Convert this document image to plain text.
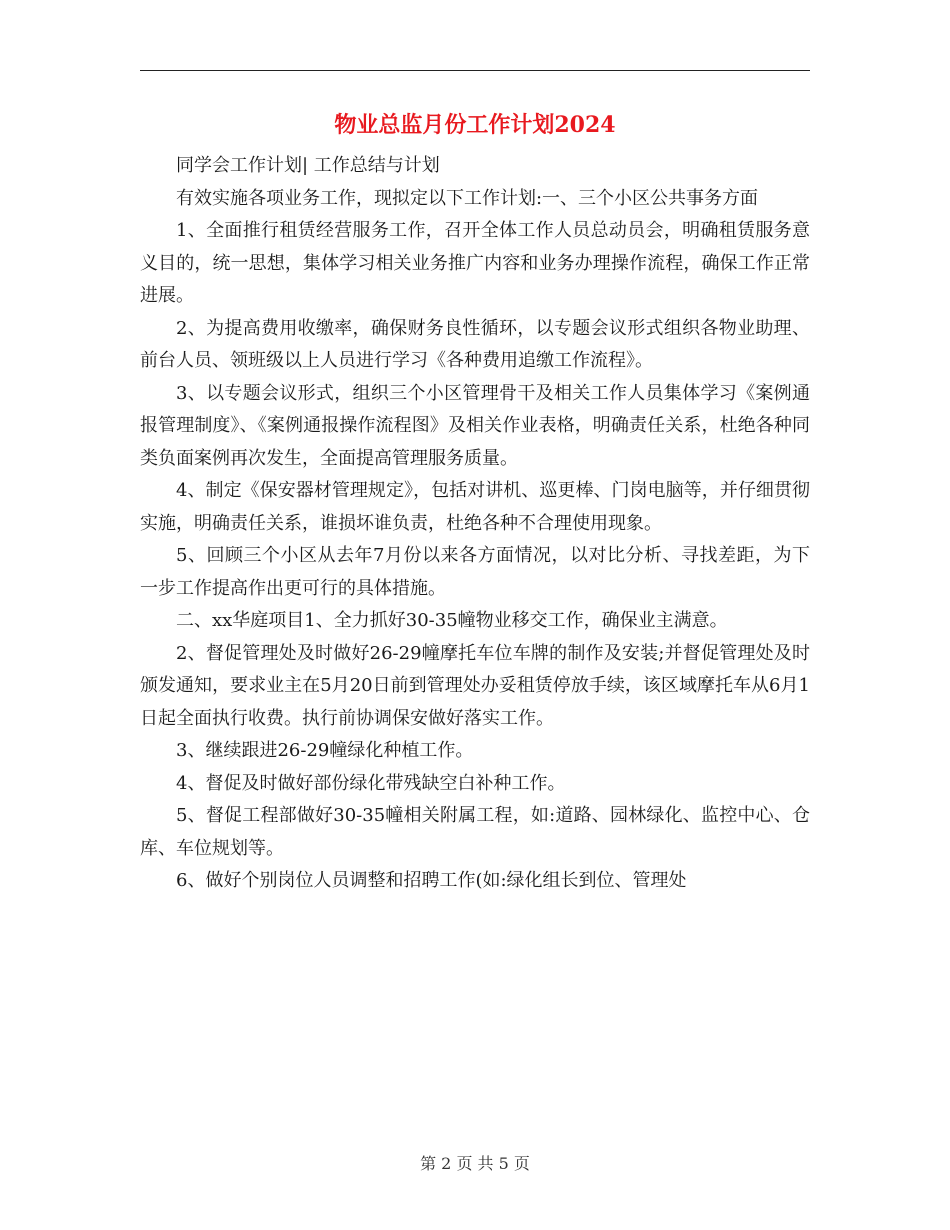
物业总监月份工作计划2024

同学会工作计划| 工作总结与计划

有效实施各项业务工作，现拟定以下工作计划:一、三个小区公共事务方面

1、全面推行租赁经营服务工作，召开全体工作人员总动员会，明确租赁服务意义目的，统一思想，集体学习相关业务推广内容和业务办理操作流程，确保工作正常进展。

2、为提高费用收缴率，确保财务良性循环，以专题会议形式组织各物业助理、前台人员、领班级以上人员进行学习《各种费用追缴工作流程》。

3、以专题会议形式，组织三个小区管理骨干及相关工作人员集体学习《案例通报管理制度》、《案例通报操作流程图》及相关作业表格，明确责任关系，杜绝各种同类负面案例再次发生，全面提高管理服务质量。

4、制定《保安器材管理规定》，包括对讲机、巡更棒、门岗电脑等，并仔细贯彻实施，明确责任关系，谁损坏谁负责，杜绝各种不合理使用现象。

5、回顾三个小区从去年7月份以来各方面情况，以对比分析、寻找差距，为下一步工作提高作出更可行的具体措施。

二、xx华庭项目1、全力抓好30-35幢物业移交工作，确保业主满意。

2、督促管理处及时做好26-29幢摩托车位车牌的制作及安装;并督促管理处及时颁发通知，要求业主在5月20日前到管理处办妥租赁停放手续，该区域摩托车从6月1日起全面执行收费。执行前协调保安做好落实工作。

3、继续跟进26-29幢绿化种植工作。

4、督促及时做好部份绿化带残缺空白补种工作。

5、督促工程部做好30-35幢相关附属工程，如:道路、园林绿化、监控中心、仓库、车位规划等。

6、做好个别岗位人员调整和招聘工作(如:绿化组长到位、管理处

第 2 页 共 5 页
